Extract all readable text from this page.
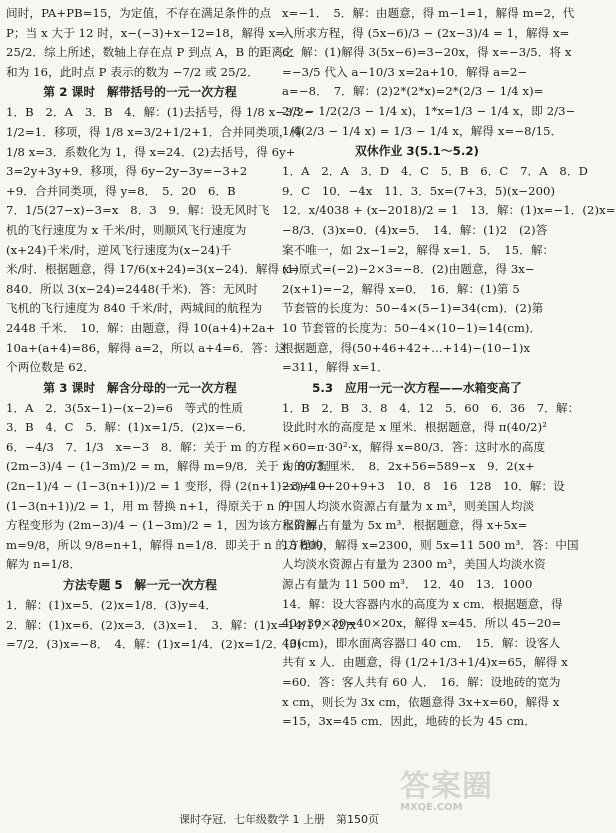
间时，PA+PB=15，为定值，不存在满足条件的点
P；当 x 大于 12 时，x−(−3)+x−12=18，解得 x=
25/2．综上所述，数轴上存在点 P 到点 A，B 的距离之
和为 16，此时点 P 表示的数为 −7/2 或 25/2．
第 2 课时　解带括号的一元一次方程
1．B　2．A　3．B　4．解：(1)去括号，得 1/8 x−3/2−
1/2=1．移项，得 1/8 x=3/2+1/2+1．合并同类项，得
1/8 x=3．系数化为 1，得 x=24．(2)去括号，得 6y+
3=2y+3y+9．移项，得 6y−2y−3y=−3+2
+9．合并同类项，得 y=8．　5．20　6．B
7．1/5(27−x)−3=x　8．3　9．解：设无风时飞
机的飞行速度为 x 千米/时，则顺风飞行速度为
(x+24)千米/时，逆风飞行速度为(x−24)千
米/时．根据题意，得 17/6(x+24)=3(x−24)．解得 x=
840．所以 3(x−24)=2448(千米)．答：无风时
飞机的飞行速度为 840 千米/时，两城间的航程为
2448 千米．　10．解：由题意，得 10(a+4)+2a+
10a+(a+4)=86，解得 a=2，所以 a+4=6．答：这
个两位数是 62．
第 3 课时　解含分母的一元一次方程
1．A　2．3(5x−1)−(x−2)=6　等式的性质
3．B　4．C　5．解：(1)x=1/5．(2)x=−6．
6．−4/3　7．1/3　x=−3　8．解：关于 m 的方程
(2m−3)/4 − (1−3m)/2 = m，解得 m=9/8．关于 n 的方程
(2n−1)/4 − (1−3(n+1))/2 = 1 变形，得 (2(n+1)−3)/4 −
(1−3(n+1))/2 = 1，用 m 替换 n+1，得原关于 n 的
方程变形为 (2m−3)/4 − (1−3m)/2 = 1，因为该方程的解
m=9/8，所以 9/8=n+1，解得 n=1/8．即关于 n 的方程的
解为 n=1/8．
方法专题 5　解一元一次方程
1．解：(1)x=5．(2)x=1/8．(3)y=4．
2．解：(1)x=6．(2)x=3．(3)x=1．　3．解：(1)x=14/17．(2)x
=7/2．(3)x=−8．　4．解：(1)x=1/4．(2)x=1/2．(3)
x=−1．　5．解：由题意，得 m−1=1，解得 m=2，代
入所求方程，得 (5x−6)/3 − (2x−3)/4 = 1，解得 x=
6．解：(1)解得 3(5x−6)=3−20x，得 x=−3/5．将 x
=−3/5 代入 a−10/3 x=2a+10．解得 a=2−
a=−8．　7．解：(2)2*(2*x)=2*(2/3 − 1/4 x)=
2/3 − 1/2(2/3 − 1/4 x)，1*x=1/3 − 1/4 x，即 2/3−
1/4(2/3 − 1/4 x) = 1/3 − 1/4 x，解得 x=−8/15．
双休作业 3(5.1～5.2)
1．A　2．A　3．D　4．C　5．B　6．C　7．A　8．D
9．C　10．−4x　11．3．5x=(7+3．5)(x−200)
12．x/4038 + (x−2018)/2 = 1　13．解：(1)x=−1．(2)x=
−8/3．(3)x=0．(4)x=5．　14．解：(1)2　(2)答
案不唯一，如 2x−1=2，解得 x=1．5．　15．解：
(1)原式=(−2)−2×3=−8．(2)由题意，得 3x−
2(x+1)=−2，解得 x=0．　16．解：(1)第 5
节套管的长度为：50−4×(5−1)=34(cm)．(2)第
10 节套管的长度为：50−4×(10−1)=14(cm)．
根据题意，得(50+46+42+…+14)−(10−1)x
=311，解得 x=1．
5.3　应用一元一次方程——水箱变高了
1．B　2．B　3．8　4．12　5．60　6．36　7．解：
设此时水的高度是 x 厘米．根据题意，得 π(40/2)²
×60=π·30²·x，解得 x=80/3．答：这时水的高度
为 80/3 厘米．　8．2x+56=589−x　9．2(x+
2x)=10+20+9+3　10．8　16　128　10．解：设
中国人均淡水资源占有量为 x m³，则美国人均淡
水资源占有量为 5x m³．根据题意，得 x+5x=
13 800，解得 x=2300，则 5x=11 500 m³．答：中国
人均淡水资源占有量为 2300 m³，美国人均淡水资
源占有量为 11 500 m³．　12．40　13．1000
14．解：设大容器内水的高度为 x cm．根据题意，得
40×30×30=40×20x，解得 x=45．所以 45−20=
40(cm)，即水面离容器口 40 cm．　15．解：设客人
共有 x 人．由题意，得 (1/2+1/3+1/4)x=65，解得 x
=60．答：客人共有 60 人．　16．解：设地砖的宽为
x cm，则长为 3x cm，依题意得 3x+x=60，解得 x
=15，3x=45 cm．因此，地砖的长为 45 cm．
答案圈
MXQE.COM
课时夺冠．七年级数学 1 上册　第150页
